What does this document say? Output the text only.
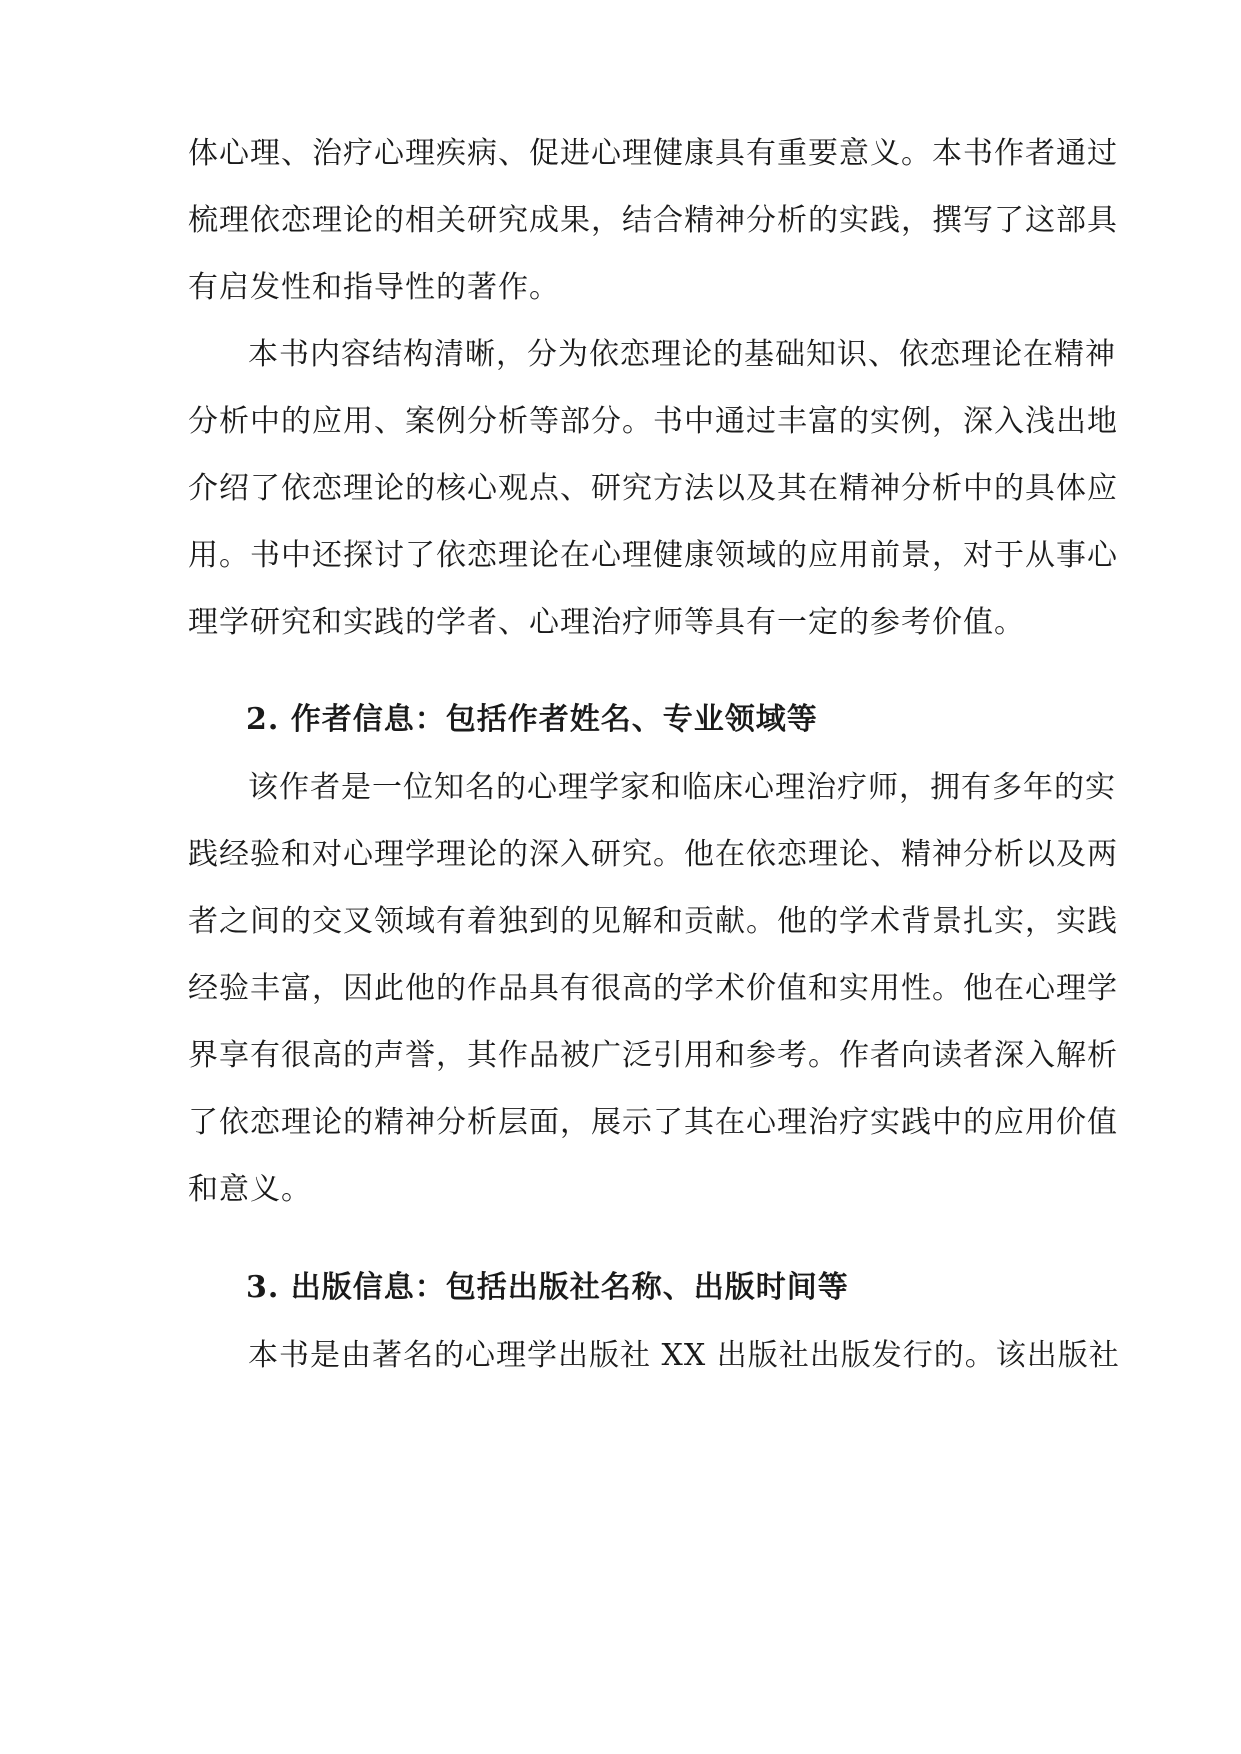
体心理、治疗心理疾病、促进心理健康具有重要意义。本书作者通过
梳理依恋理论的相关研究成果，结合精神分析的实践，撰写了这部具
有启发性和指导性的著作。
本书内容结构清晰，分为依恋理论的基础知识、依恋理论在精神
分析中的应用、案例分析等部分。书中通过丰富的实例，深入浅出地
介绍了依恋理论的核心观点、研究方法以及其在精神分析中的具体应
用。书中还探讨了依恋理论在心理健康领域的应用前景，对于从事心
理学研究和实践的学者、心理治疗师等具有一定的参考价值。
2. 作者信息：包括作者姓名、专业领域等
该作者是一位知名的心理学家和临床心理治疗师，拥有多年的实
践经验和对心理学理论的深入研究。他在依恋理论、精神分析以及两
者之间的交叉领域有着独到的见解和贡献。他的学术背景扎实，实践
经验丰富，因此他的作品具有很高的学术价值和实用性。他在心理学
界享有很高的声誉，其作品被广泛引用和参考。作者向读者深入解析
了依恋理论的精神分析层面，展示了其在心理治疗实践中的应用价值
和意义。
3. 出版信息：包括出版社名称、出版时间等
本书是由著名的心理学出版社 XX 出版社出版发行的。该出版社
